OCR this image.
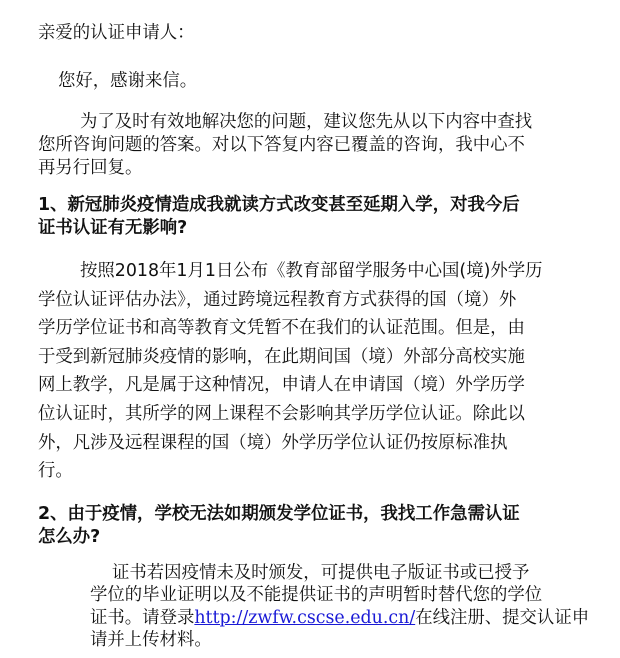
亲爱的认证申请人：

您好，感谢来信。

为了及时有效地解决您的问题，建议您先从以下内容中查找

您所咨询问题的答案。对以下答复内容已覆盖的咨询，我中心不

再另行回复。

1、新冠肺炎疫情造成我就读方式改变甚至延期入学，对我今后

证书认证有无影响?

按照2018年1月1日公布《教育部留学服务中心国(境)外学历

学位认证评估办法》，通过跨境远程教育方式获得的国（境）外

学历学位证书和高等教育文凭暂不在我们的认证范围。但是，由

于受到新冠肺炎疫情的影响，在此期间国（境）外部分高校实施

网上教学，凡是属于这种情况，申请人在申请国（境）外学历学

位认证时，其所学的网上课程不会影响其学历学位认证。除此以

外，凡涉及远程课程的国（境）外学历学位认证仍按原标准执

行。

2、由于疫情，学校无法如期颁发学位证书，我找工作急需认证

怎么办?

证书若因疫情未及时颁发，可提供电子版证书或已授予

学位的毕业证明以及不能提供证书的声明暂时替代您的学位

证书。请登录http://zwfw.cscse.edu.cn/在线注册、提交认证申

请并上传材料。
